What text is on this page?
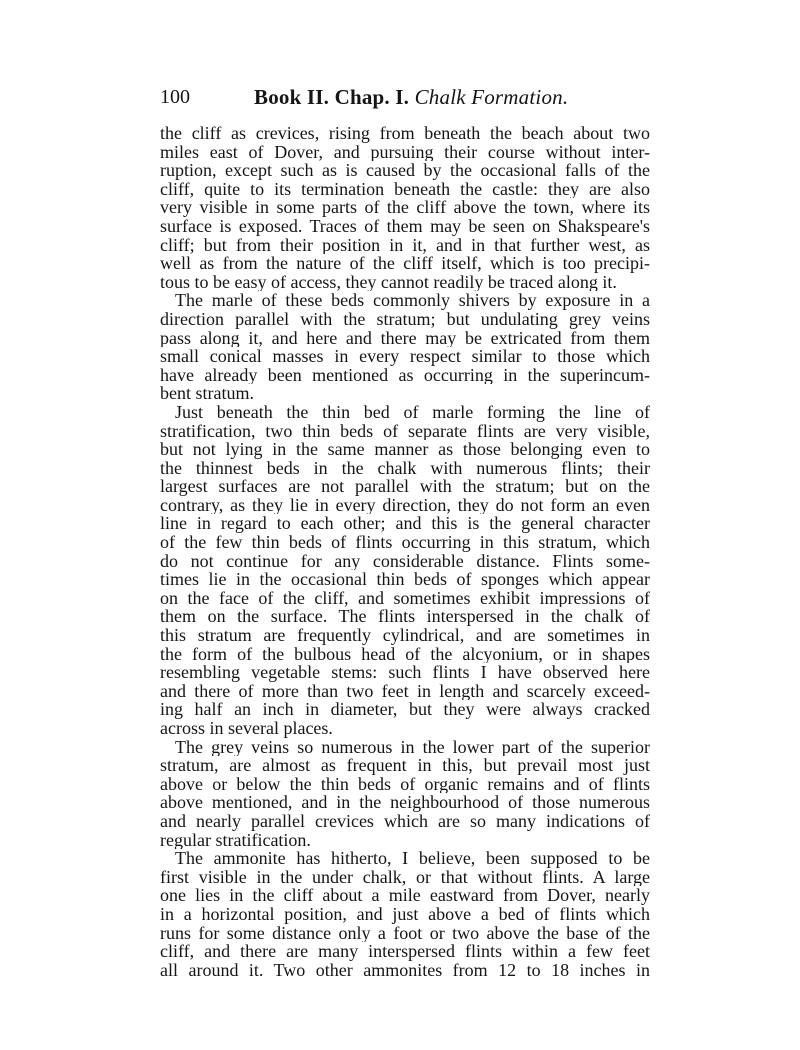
100	Book II. Chap. I. Chalk Formation.
the cliff as crevices, rising from beneath the beach about two
miles east of Dover, and pursuing their course without inter-
ruption, except such as is caused by the occasional falls of the
cliff, quite to its termination beneath the castle: they are also
very visible in some parts of the cliff above the town, where its
surface is exposed. Traces of them may be seen on Shakspeare's
cliff; but from their position in it, and in that further west, as
well as from the nature of the cliff itself, which is too precipi-
tous to be easy of access, they cannot readily be traced along it.
The marle of these beds commonly shivers by exposure in a
direction parallel with the stratum; but undulating grey veins
pass along it, and here and there may be extricated from them
small conical masses in every respect similar to those which
have already been mentioned as occurring in the superincum-
bent stratum.
Just beneath the thin bed of marle forming the line of
stratification, two thin beds of separate flints are very visible,
but not lying in the same manner as those belonging even to
the thinnest beds in the chalk with numerous flints; their
largest surfaces are not parallel with the stratum; but on the
contrary, as they lie in every direction, they do not form an even
line in regard to each other; and this is the general character
of the few thin beds of flints occurring in this stratum, which
do not continue for any considerable distance. Flints some-
times lie in the occasional thin beds of sponges which appear
on the face of the cliff, and sometimes exhibit impressions of
them on the surface. The flints interspersed in the chalk of
this stratum are frequently cylindrical, and are sometimes in
the form of the bulbous head of the alcyonium, or in shapes
resembling vegetable stems: such flints I have observed here
and there of more than two feet in length and scarcely exceed-
ing half an inch in diameter, but they were always cracked
across in several places.
The grey veins so numerous in the lower part of the superior
stratum, are almost as frequent in this, but prevail most just
above or below the thin beds of organic remains and of flints
above mentioned, and in the neighbourhood of those numerous
and nearly parallel crevices which are so many indications of
regular stratification.
The ammonite has hitherto, I believe, been supposed to be
first visible in the under chalk, or that without flints. A large
one lies in the cliff about a mile eastward from Dover, nearly
in a horizontal position, and just above a bed of flints which
runs for some distance only a foot or two above the base of the
cliff, and there are many interspersed flints within a few feet
all around it. Two other ammonites from 12 to 18 inches in
